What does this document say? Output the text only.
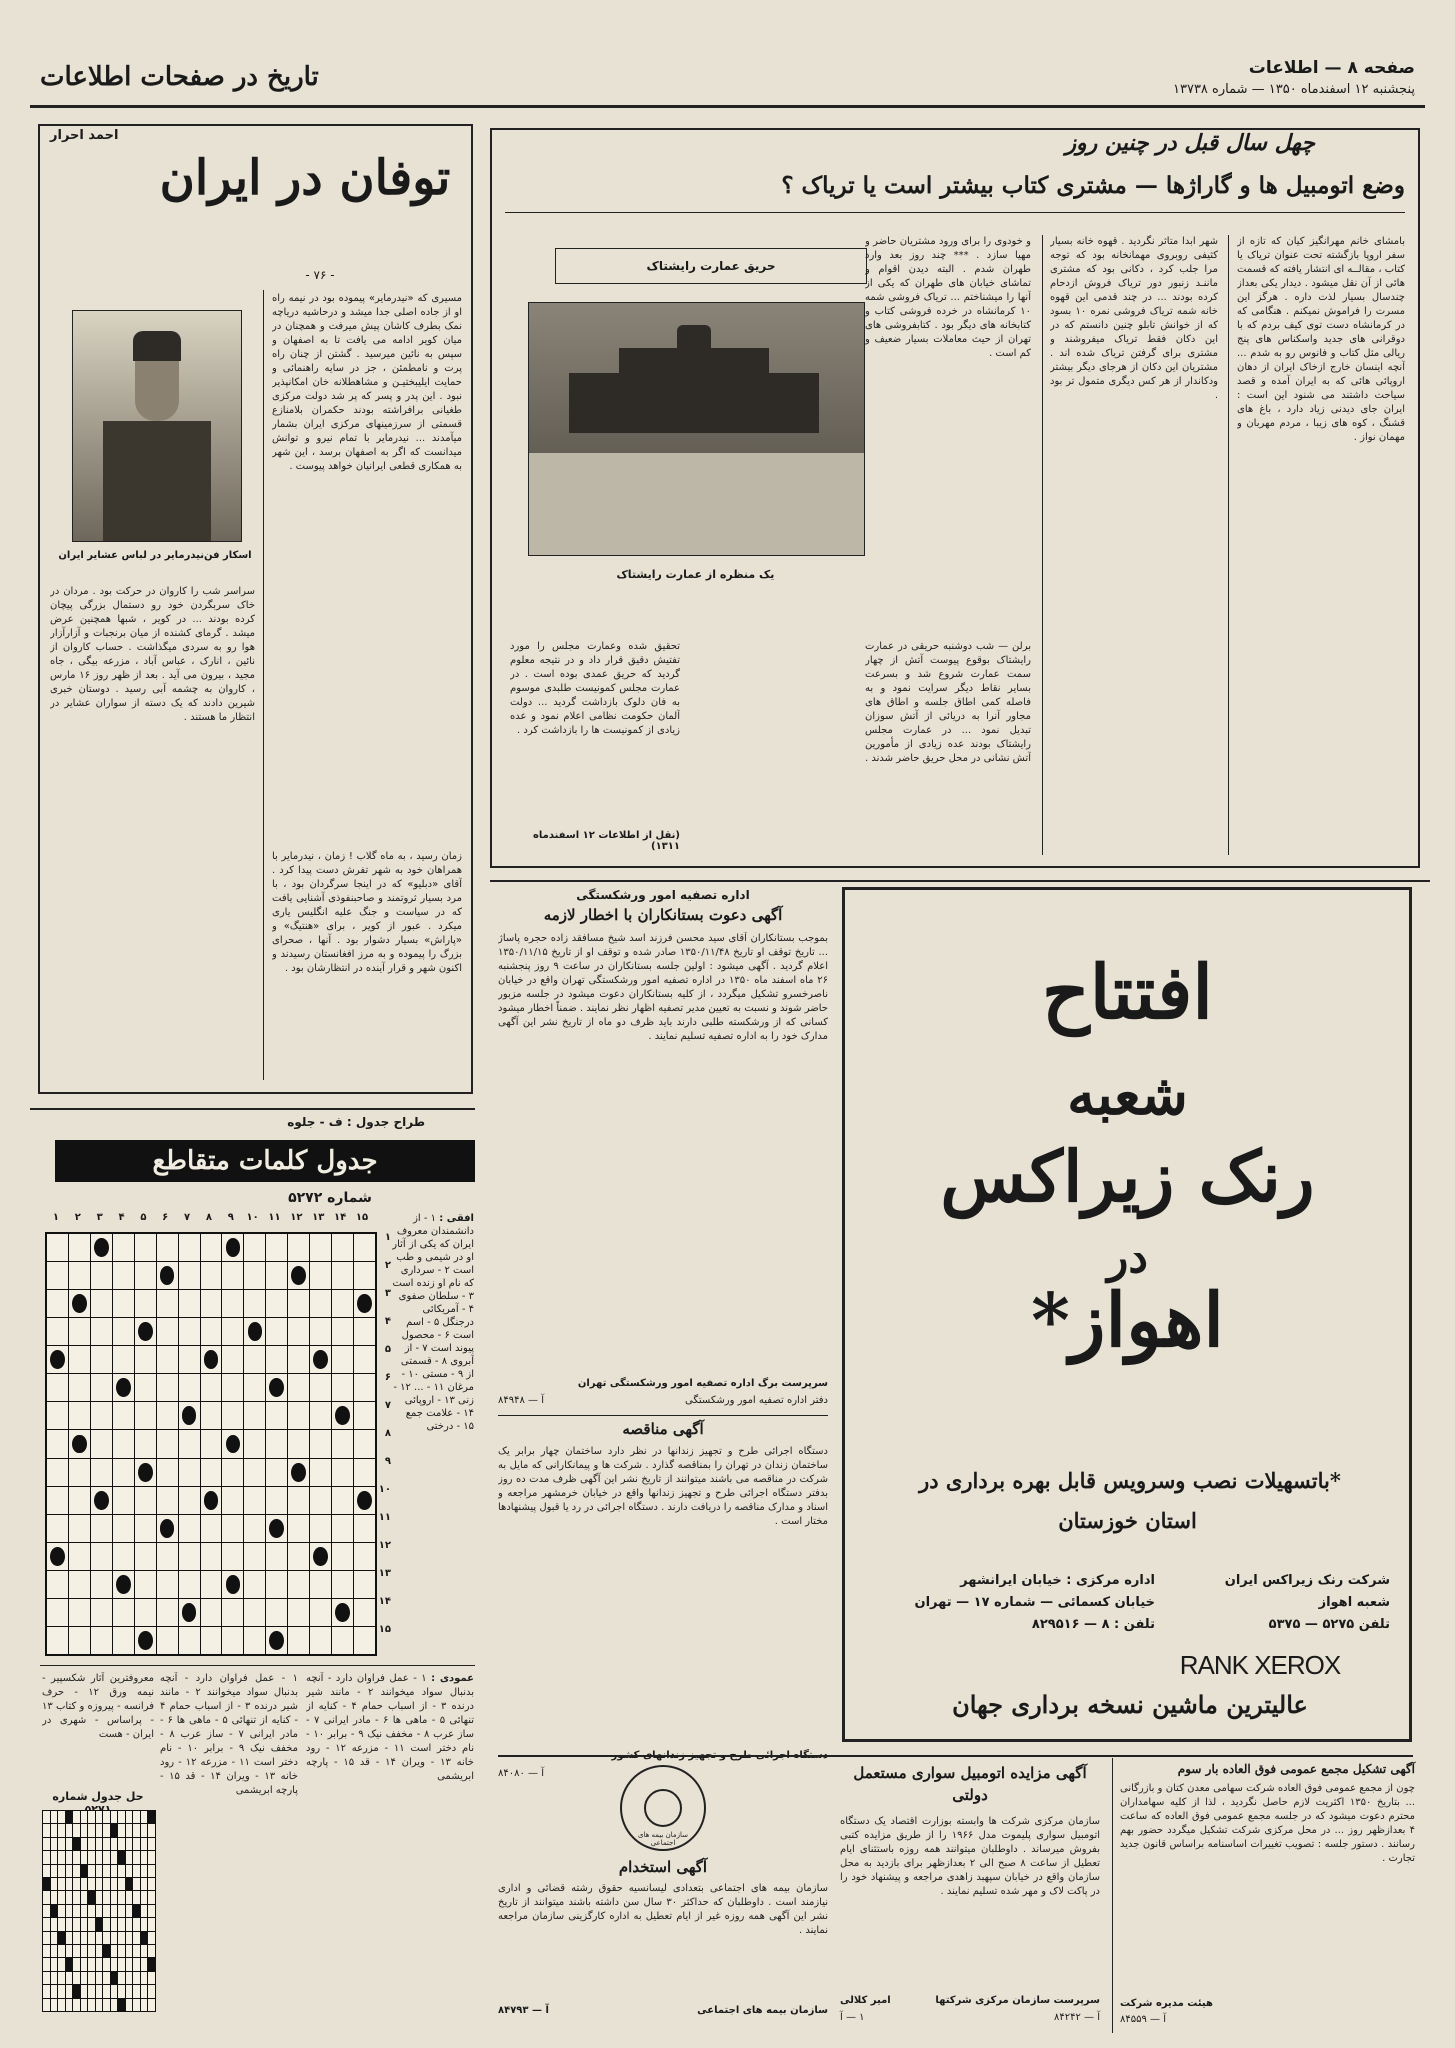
صفحه ۸ — اطلاعات
پنجشنبه ۱۲ اسفندماه ۱۳۵۰ — شماره ۱۳۷۳۸
تاریخ در صفحات اطلاعات
چهل سال قبل در چنین روز
وضع اتومبیل ها و گاراژها — مشتری کتاب بیشتر است یا تریاک ؟
بامشای خانم مهرانگیز کیان که تازه از سفر اروپا بازگشته تحت عنوان تریاک یا کتاب ، مقالــه ای انتشار یافته که قسمت هائی از آن نقل میشود . دیدار یکی بعداز چندسال بسیار لذت داره . هرگز این مسرت را فراموش نمیکنم . هنگامی که در کرمانشاه دست توی کیف بردم که با دوقرانی های جدید واسکناس های پنج ریالی مثل کتاب و فانوس رو به شدم ... آنچه اینسان خارج ازخاک ایران از دهان اروپائی هائی که به ایران آمده و قصد سیاحت داشتند می شنود این است : ایران جای دیدنی زیاد دارد ، باغ های قشنگ ، کوه های زیبا ، مردم مهربان و مهمان نواز .
شهر ابدا متاثر نگردید . قهوه خانه بسیار کثیفی روبروی مهمانخانه بود که توجه مرا جلب کرد ، دکانی بود که مشتری ماننـد زنبور دور تریاک فروش ازدحام کرده بودند ... در چند قدمی این قهوه خانه شمه تریاک فروشی نمره ۱۰ بسود که از خوانش تابلو چنین دانستم که در این دکان فقط تریاک میفروشند و مشتری برای گرفتن تریاک شده اند . مشتریان این دکان از هرجای دیگر بیشتر ودکاندار از هر کس دیگری متمول تر بود .
و خودوی را برای ورود مشتریان حاضر و مهیا سازد . *** چند روز بعد وارد طهران شدم . البته دیدن اقوام و تماشای خیابان های طهران که یکی از آنها را میشناختم ... تریاک فروشی شمه ۱۰ کرمانشاه در خرده فروشی کتاب و کتابخانه های دیگر بود . کتابفروشی های تهران از حیث معاملات بسیار ضعیف و کم است .
حریق عمارت رایشتاک
یک منظره از عمارت رایشتاک
برلن — شب دوشنبه حریقی در عمارت رایشتاک بوقوع پیوست آتش از چهار سمت عمارت شروع شد و بسرعت بسایر نقاط دیگر سرایت نمود و به فاصله کمی اطاق جلسه و اطاق های مجاور آنرا به دریائی از آتش سوزان تبدیل نمود ... در عمارت مجلس رایشتاک بودند عده زیادی از مأمورین آتش نشانی در محل حریق حاضر شدند .
تحقیق شده وعمارت مجلس را مورد تفتیش دقیق قرار داد و در نتیجه معلوم گردید که حریق عمدی بوده است . در عمارت مجلس کمونیست طلبدی موسوم به فان دلوک بازداشت گردید ... دولت آلمان حکومت نظامی اعلام نمود و عده زیادی از کمونیست ها را بازداشت کرد .
(نقل از اطلاعات ۱۲ اسفندماه ۱۳۱۱)
احمد احرار
توفان در ایران
- ۷۶ -
اسکار فن‌نیدرمایر در لباس عشایر ایران
مسیری که «نیدرمایر» پیموده بود در نیمه راه او از جاده اصلی جدا میشد و درحاشیه دریاچه نمک بطرف کاشان پیش میرفت و همچنان در میان کویر ادامه می یافت تا به اصفهان و سپس به نائین میرسید . گشتن از چنان راه پرت و نامطمئن ، جز در سایه راهنمائی و حمایت ایلیبختیـن و مشاهطلانه خان امکانپذیر نبود . این پدر و پسر که پر شد دولت مرکزی طغیانی برافراشته بودند حکمران بلامنازع قسمتی از سرزمینهای مرکزی ایران بشمار میآمدند ... نیدرمایر با تمام نیرو و توانش میدانست که اگر به اصفهان برسد ، این شهر به همکاری قطعی ایرانیان خواهد پیوست .
سراسر شب را کاروان در حرکت بود . مردان در خاک سربگردن خود رو دستمال بزرگی پیچان کرده بودند ... در کویر ، شبها همچنین عرض میشد . گرمای کشنده از میان برنجبات و آزارآزار هوا رو به سردی میگذاشت . حساب کاروان از نائین ، انارک ، عباس آباد ، مزرعه بیگی ، جاه مجید ، بیرون می آید . بعد از ظهر روز ۱۶ مارس ، کاروان به چشمه آبی رسید . دوستان خبری شیرین دادند که یک دسته از سواران عشایر در انتظار ما هستند .
زمان رسید ، به ماه گلاب ! زمان ، نیدرمایر با همراهان خود به شهر تفرش دست پیدا کرد . آقای «دبلیو» که در اینجا سرگردان بود ، با مرد بسیار ثروتمند و صاحبنفوذی آشنایی یافت که در سیاست و جنگ علیه انگلیس یاری میکرد . عبور از کویر ، برای «هنتیگ» و «پاراش» بسیار دشوار بود . آنها ، صحرای بزرگ را پیموده و به مرز افغانستان رسیدند و اکنون شهر و قرار آینده در انتظارشان بود .
طراح جدول : ف - جلوه
جدول کلمات متقاطع
شماره ۵۲۷۲
۱	۲	۳	۴	۵	۶	۷	۸	۹	۱۰ ۱۱ ۱۲ ۱۳ ۱۴ ۱۵
۱
۲
۳
۴
۵
۶
۷
۸
۹
۱۰
۱۱
۱۲
۱۳
۱۴
۱۵
افقی : ۱ - از دانشمندان معروف ایران که یکی از آثار او در شیمی و طب است ۲ - سرداری که نام او زنده است ۳ - سلطان صفوی ۴ - آمریکائی درجنگل ۵ - اسم است ۶ - محصول پیوند است ۷ - از آبروی ۸ - قسمتی از ۹ - مستی ۱۰ - مرغان ۱۱ - ... ۱۲ - زنی ۱۳ - اروپائی ۱۴ - علامت جمع ۱۵ - درختی
عمودی : ۱ - عمل فراوان دارد - آنچه بدنبال سواد میخوانند ۲ - مانند شیر درنده ۳ - از اسباب حمام ۴ - کنایه از تنهائی ۵ - ماهی ها ۶ - مادر ایرانی ۷ - ساز عرب ۸ - مخفف نیک ۹ - برابر ۱۰ - نام دختر است ۱۱ - مزرعه ۱۲ - رود خانه ۱۳ - ویران ۱۴ - قد ۱۵ - پارچه ابریشمی
۱ - عمل فراوان دارد - آنچه بدنبال سواد میخوانند ۲ - مانند شیر درنده ۳ - از اسباب حمام ۴ - کنایه از تنهائی ۵ - ماهی ها ۶ - مادر ایرانی ۷ - ساز عرب ۸ - مخفف نیک ۹ - برابر ۱۰ - نام دختر است ۱۱ - مزرعه ۱۲ - رود خانه ۱۳ - ویران ۱۴ - قد ۱۵ - پارچه ابریشمی
معروفترین آثار شکسپیر - نیمه ورق ۱۲ - حرف فرانسه - پیروزه و کتاب ۱۳ - پراساس - شهری در ایران - هست
حل جدول شماره
اداره تصفیه امور ورشکستگی
آگهی دعوت بستانکاران با اخطار لازمه
بموجب بستانکاران آقای سید محسن فرزند اسد شیخ مسافقد زاده حجره پاساژ ... تاریخ توقف او تاریخ ۱۳۵۰/۱۱/۴۸ صادر شده و توقف او از تاریخ ۱۳۵۰/۱۱/۱۵ اعلام گردید . آگهی میشود : اولین جلسه بستانکاران در ساعت ۹ روز پنجشنبه ۲۶ ماه اسفند ماه ۱۳۵۰ در اداره تصفیه امور ورشکستگی تهران واقع در خیابان ناصرخسرو تشکیل میگردد ، از کلیه بستانکاران دعوت میشود در جلسه مزبور حاضر شوند و نسبت به تعیین مدیر تصفیه اظهار نظر نمایند . ضمناً اخطار میشود کسانی که از ورشکسته طلبی دارند باید ظرف دو ماه از تاریخ نشر این آگهی مدارک خود را به اداره تصفیه تسلیم نمایند .
سرپرست برگ اداره تصفیه امور ورشکستگی تهران
دفتر اداره تصفیه امور ورشکستگی
آ — ۸۴۹۴۸
آگهی مناقصه
دستگاه اجرائی طرح و تجهیز زندانها در نظر دارد ساختمان چهار برابر یک ساختمان زندان در تهران را بمناقصه گذارد . شرکت ها و پیمانکارانی که مایل به شرکت در مناقصه می باشند میتوانند از تاریخ نشر این آگهی ظرف مدت ده روز بدفتر دستگاه اجرائی طرح و تجهیز زندانها واقع در خیابان خرمشهر مراجعه و اسناد و مدارک مناقصه را دریافت دارند . دستگاه اجرائی در رد یا قبول پیشنهادها مختار است .
آ — ۸۴۰۸۰
افتتاح
شعبه
رنک زیراکس
در
اهواز*
*باتسهیلات نصب وسرویس قابل بهره برداری در
استان خوزستان
شرکت رنک زیراکس ایران
شعبه اهواز
تلفن ۵۲۷۵ — ۵۳۷۵
اداره مرکزی : خیابان ایرانشهر
خیابان کسمائی — شماره ۱۷ — تهران
تلفن : ۸ — ۸۲۹۵۱۶
RANK XEROX
عالیترین ماشین نسخه برداری جهان
آگهی مزایده اتومبیل سواری مستعمل دولتی
سازمان مرکزی شرکت ها وابسته بوزارت اقتصاد یک دستگاه اتومبیل سواری پلیموت مدل ۱۹۶۶ را از طریق مزایده کتبی بفروش میرساند . داوطلبان میتوانند همه روزه باستثنای ایام تعطیل از ساعت ۸ صبح الی ۲ بعدازظهر برای بازدید به محل سازمان واقع در خیابان سپهبد زاهدی مراجعه و پیشنهاد خود را در پاکت لاک و مهر شده تسلیم نمایند .
سرپرست سازمان مرکزی شرکتها
امیر کلالی
آ — ۸۴۲۴۲
۱ — آ
سازمان بیمه های اجتماعی
آگهی استخدام
سازمان بیمه های اجتماعی بتعدادی لیسانسیه حقوق رشته قضائی و اداری نیازمند است . داوطلبان که حداکثر ۳۰ سال سن داشته باشند میتوانند از تاریخ نشر این آگهی همه روزه غیر از ایام تعطیل به اداره کارگزینی سازمان مراجعه نمایند .
سازمان بیمه های اجتماعی
آ — ۸۴۷۹۳
آگهی تشکیل مجمع عمومی فوق العاده بار سوم
چون از مجمع عمومی فوق العاده شرکت سهامی معدن کتان و بازرگانی ... بتاریخ ۱۳۵۰ اکثریت لازم حاصل نگردید ، لذا از کلیه سهامداران محترم دعوت میشود که در جلسه مجمع عمومی فوق العاده که ساعت ۴ بعدازظهر روز ... در محل مرکزی شرکت تشکیل میگردد حضور بهم رسانند . دستور جلسه : تصویب تغییرات اساسنامه براساس قانون جدید تجارت .
هیئت مدیره شرکت
آ — ۸۴۵۵۹
